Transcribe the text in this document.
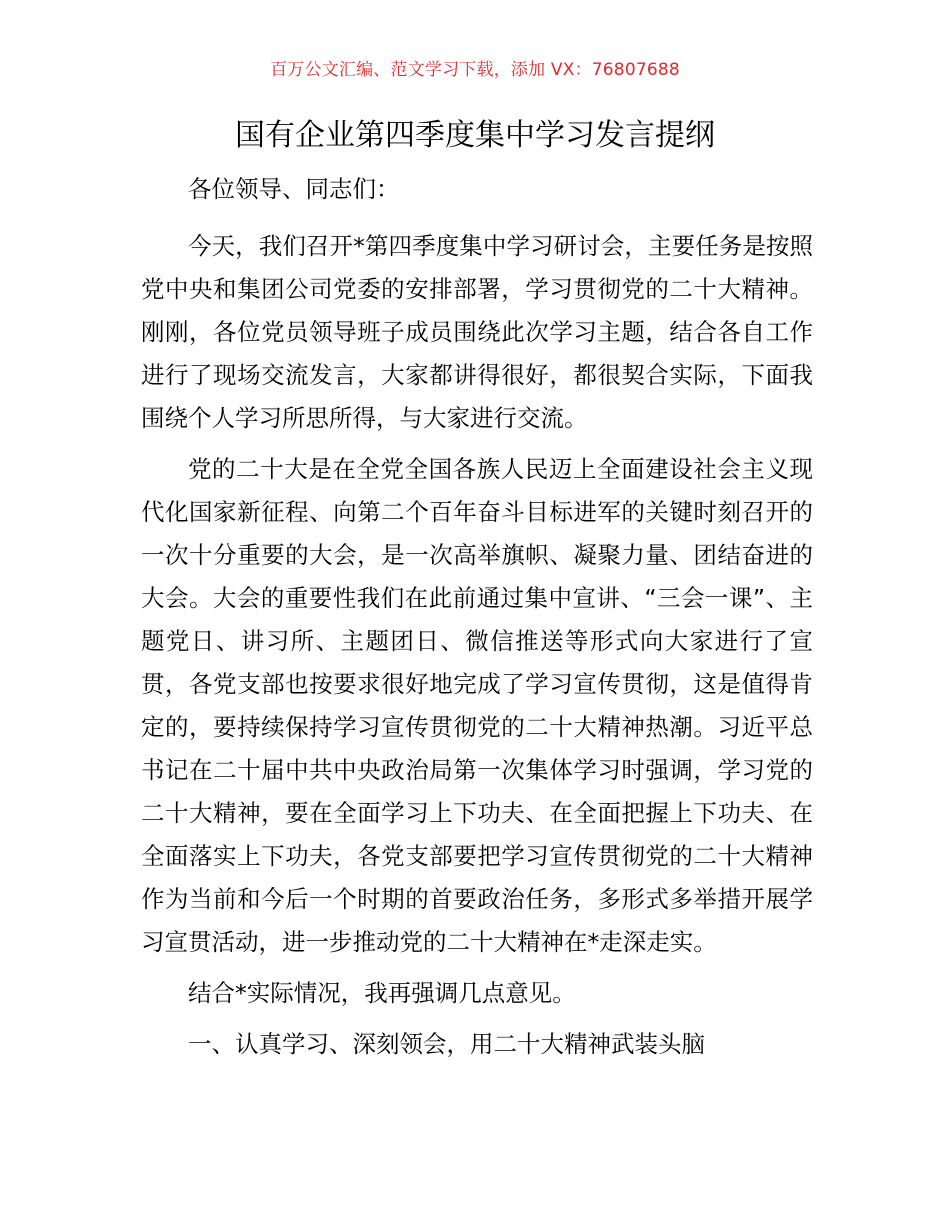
百万公文汇编、范文学习下载，添加 VX：76807688
国有企业第四季度集中学习发言提纲

各位领导、同志们：

今天，我们召开*第四季度集中学习研讨会，主要任务是按照党中央和集团公司党委的安排部署，学习贯彻党的二十大精神。刚刚，各位党员领导班子成员围绕此次学习主题，结合各自工作进行了现场交流发言，大家都讲得很好，都很契合实际，下面我围绕个人学习所思所得，与大家进行交流。

党的二十大是在全党全国各族人民迈上全面建设社会主义现代化国家新征程、向第二个百年奋斗目标进军的关键时刻召开的一次十分重要的大会，是一次高举旗帜、凝聚力量、团结奋进的大会。大会的重要性我们在此前通过集中宣讲、“三会一课”、主题党日、讲习所、主题团日、微信推送等形式向大家进行了宣贯，各党支部也按要求很好地完成了学习宣传贯彻，这是值得肯定的，要持续保持学习宣传贯彻党的二十大精神热潮。习近平总书记在二十届中共中央政治局第一次集体学习时强调，学习党的二十大精神，要在全面学习上下功夫、在全面把握上下功夫、在全面落实上下功夫，各党支部要把学习宣传贯彻党的二十大精神作为当前和今后一个时期的首要政治任务，多形式多举措开展学习宣贯活动，进一步推动党的二十大精神在*走深走实。

结合*实际情况，我再强调几点意见。

一、认真学习、深刻领会，用二十大精神武装头脑
